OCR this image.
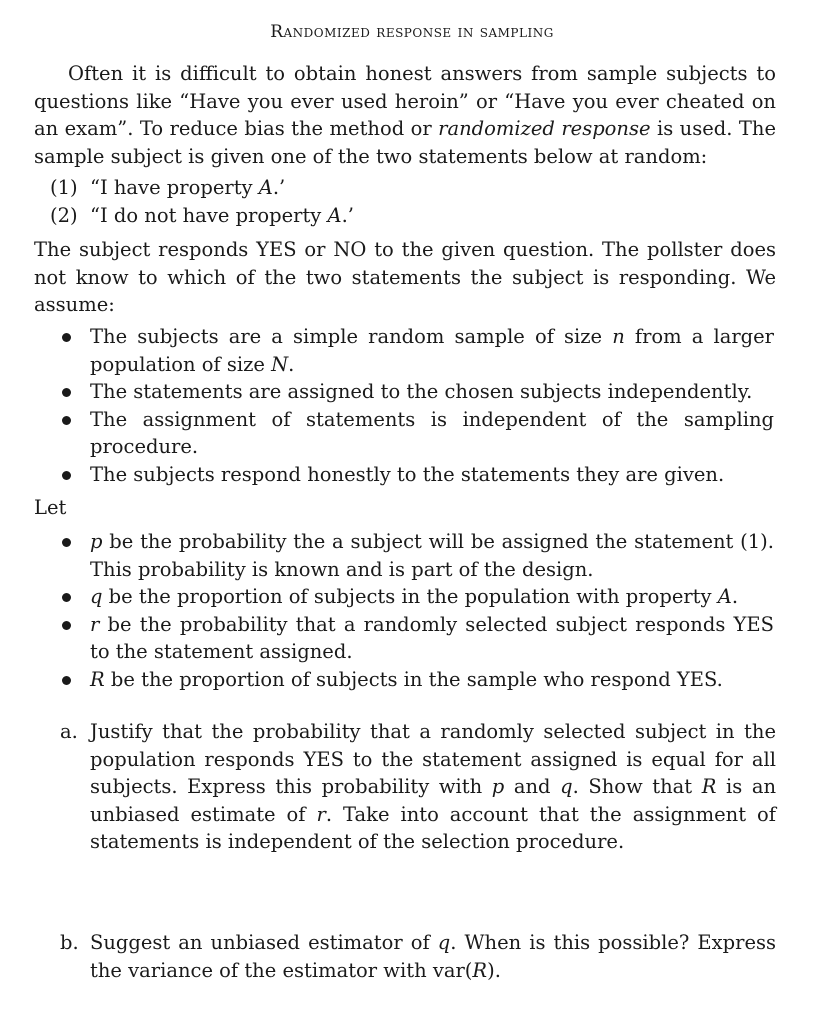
Randomized response in sampling
Often it is difficult to obtain honest answers from sample subjects to questions like “Have you ever used heroin” or “Have you ever cheated on an exam”. To reduce bias the method or randomized response is used. The sample subject is given one of the two statements below at random:
(1) “I have property A.’
(2) “I do not have property A.’
The subject responds YES or NO to the given question. The pollster does not know to which of the two statements the subject is responding. We assume:
The subjects are a simple random sample of size n from a larger population of size N.
The statements are assigned to the chosen subjects independently.
The assignment of statements is independent of the sampling procedure.
The subjects respond honestly to the statements they are given.
Let
p be the probability the a subject will be assigned the statement (1). This probability is known and is part of the design.
q be the proportion of subjects in the population with property A.
r be the probability that a randomly selected subject responds YES to the statement assigned.
R be the proportion of subjects in the sample who respond YES.
a. Justify that the probability that a randomly selected subject in the population responds YES to the statement assigned is equal for all subjects. Express this probability with p and q. Show that R is an unbiased estimate of r. Take into account that the assignment of statements is independent of the selection procedure.
b. Suggest an unbiased estimator of q. When is this possible? Express the variance of the estimator with var(R).
